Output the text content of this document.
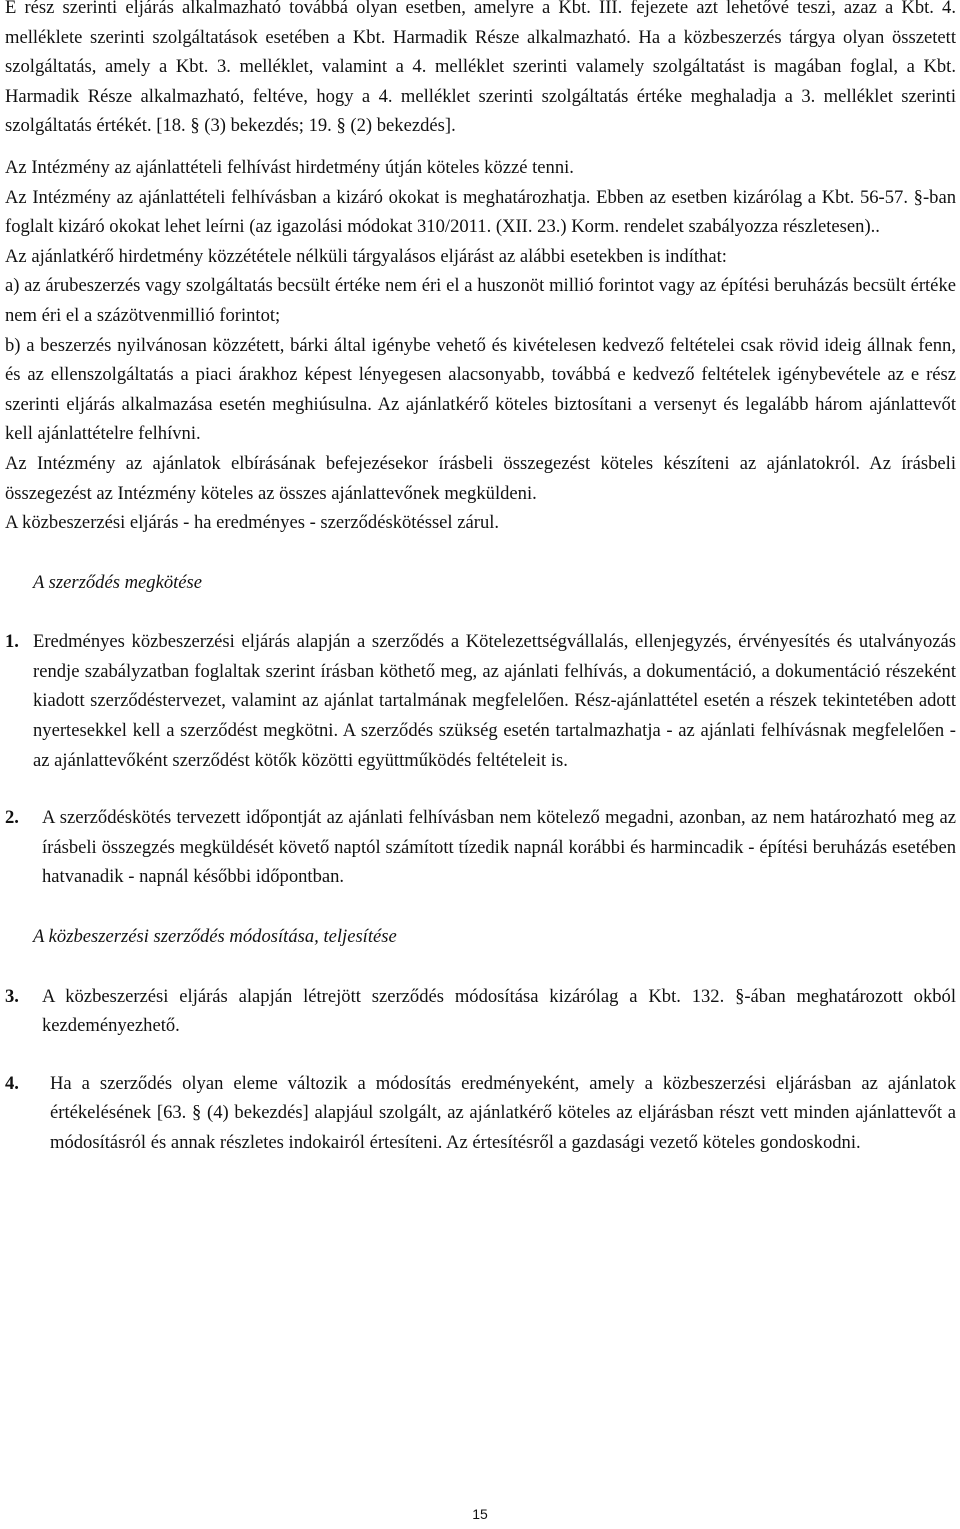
E rész szerinti eljárás alkalmazható továbbá olyan esetben, amelyre a Kbt. III. fejezete azt lehetővé teszi, azaz a Kbt. 4. melléklete szerinti szolgáltatások esetében a Kbt. Harmadik Része alkalmazható. Ha a közbeszerzés tárgya olyan összetett szolgáltatás, amely a Kbt. 3. melléklet, valamint a 4. melléklet szerinti valamely szolgáltatást is magában foglal, a Kbt. Harmadik Része alkalmazható, feltéve, hogy a 4. melléklet szerinti szolgáltatás értéke meghaladja a 3. melléklet szerinti szolgáltatás értékét. [18. § (3) bekezdés; 19. § (2) bekezdés].

Az Intézmény az ajánlattételi felhívást hirdetmény útján köteles közzé tenni.

Az Intézmény az ajánlattételi felhívásban a kizáró okokat is meghatározhatja. Ebben az esetben kizárólag a Kbt. 56-57. §-ban foglalt kizáró okokat lehet leírni (az igazolási módokat 310/2011. (XII. 23.) Korm. rendelet szabályozza részletesen)..

Az ajánlatkérő hirdetmény közzététele nélküli tárgyalásos eljárást az alábbi esetekben is indíthat:

a) az árubeszerzés vagy szolgáltatás becsült értéke nem éri el a huszonöt millió forintot vagy az építési beruházás becsült értéke nem éri el a százötvenmillió forintot;

b) a beszerzés nyilvánosan közzétett, bárki által igénybe vehető és kivételesen kedvező feltételei csak rövid ideig állnak fenn, és az ellenszolgáltatás a piaci árakhoz képest lényegesen alacsonyabb, továbbá e kedvező feltételek igénybevétele az e rész szerinti eljárás alkalmazása esetén meghiúsulna. Az ajánlatkérő köteles biztosítani a versenyt és legalább három ajánlattevőt kell ajánlattételre felhívni.

Az Intézmény az ajánlatok elbírásának befejezésekor írásbeli összegezést köteles készíteni az ajánlatokról. Az írásbeli összegezést az Intézmény köteles az összes ajánlattevőnek megküldeni.

A közbeszerzési eljárás - ha eredményes - szerződéskötéssel zárul.

A szerződés megkötése

1. Eredményes közbeszerzési eljárás alapján a szerződés a Kötelezettségvállalás, ellenjegyzés, érvényesítés és utalványozás rendje szabályzatban foglaltak szerint írásban köthető meg, az ajánlati felhívás, a dokumentáció, a dokumentáció részeként kiadott szerződéstervezet, valamint az ajánlat tartalmának megfelelően. Rész-ajánlattétel esetén a részek tekintetében adott nyertesekkel kell a szerződést megkötni. A szerződés szükség esetén tartalmazhatja - az ajánlati felhívásnak megfelelően - az ajánlattevőként szerződést kötők közötti együttműködés feltételeit is.
2.	A szerződéskötés tervezett időpontját az ajánlati felhívásban nem kötelező megadni, azonban, az nem határozható meg az írásbeli összegzés megküldését követő naptól számított tízedik napnál korábbi és harmincadik - építési beruházás esetében hatvanadik - napnál későbbi időpontban.

A közbeszerzési szerződés módosítása, teljesítése

3.	A közbeszerzési eljárás alapján létrejött szerződés módosítása kizárólag a Kbt. 132. §-ában meghatározott okból kezdeményezhető.
4.	Ha a szerződés olyan eleme változik a módosítás eredményeként, amely a közbeszerzési eljárásban az ajánlatok értékelésének [63. § (4) bekezdés] alapjául szolgált, az ajánlatkérő köteles az eljárásban részt vett minden ajánlattevőt a módosításról és annak részletes indokairól értesíteni. Az értesítésről a gazdasági vezető köteles gondoskodni.
15
